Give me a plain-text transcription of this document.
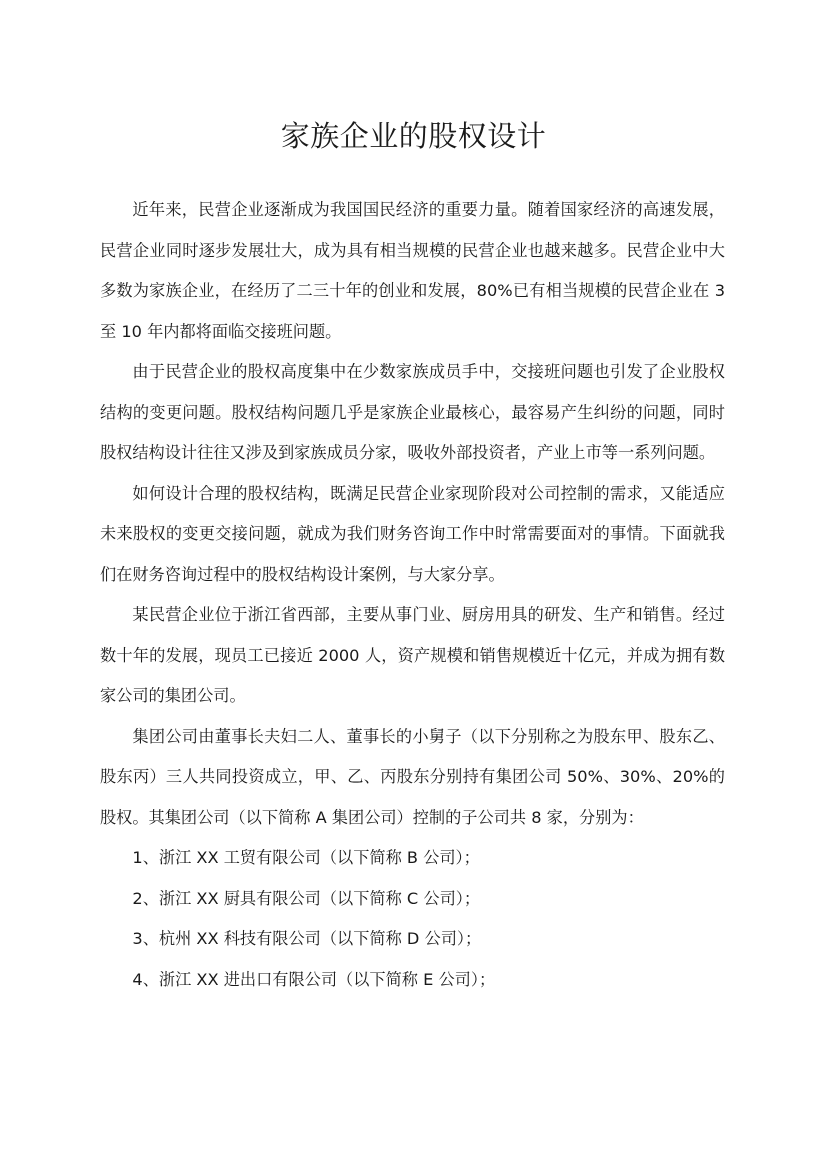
家族企业的股权设计

近年来，民营企业逐渐成为我国国民经济的重要力量。随着国家经济的高速发展，民营企业同时逐步发展壮大，成为具有相当规模的民营企业也越来越多。民营企业中大多数为家族企业，在经历了二三十年的创业和发展，80%已有相当规模的民营企业在 3 至 10 年内都将面临交接班问题。

由于民营企业的股权高度集中在少数家族成员手中，交接班问题也引发了企业股权结构的变更问题。股权结构问题几乎是家族企业最核心，最容易产生纠纷的问题，同时股权结构设计往往又涉及到家族成员分家，吸收外部投资者，产业上市等一系列问题。

如何设计合理的股权结构，既满足民营企业家现阶段对公司控制的需求，又能适应未来股权的变更交接问题，就成为我们财务咨询工作中时常需要面对的事情。下面就我们在财务咨询过程中的股权结构设计案例，与大家分享。

某民营企业位于浙江省西部，主要从事门业、厨房用具的研发、生产和销售。经过数十年的发展，现员工已接近 2000 人，资产规模和销售规模近十亿元，并成为拥有数家公司的集团公司。

集团公司由董事长夫妇二人、董事长的小舅子（以下分别称之为股东甲、股东乙、股东丙）三人共同投资成立，甲、乙、丙股东分别持有集团公司 50%、30%、20%的股权。其集团公司（以下简称 A 集团公司）控制的子公司共 8 家，分别为：

1、浙江 XX 工贸有限公司（以下简称 B 公司）；

2、浙江 XX 厨具有限公司（以下简称 C 公司）；

3、杭州 XX 科技有限公司（以下简称 D 公司）；

4、浙江 XX 进出口有限公司（以下简称 E 公司）；
